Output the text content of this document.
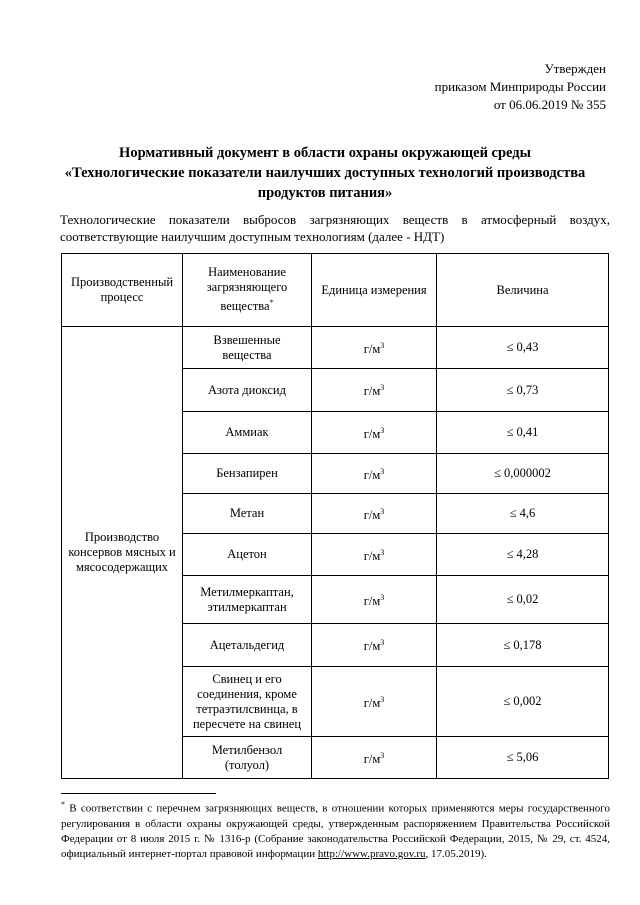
Утвержден
приказом Минприроды России
от 06.06.2019 № 355
Нормативный документ в области охраны окружающей среды
«Технологические показатели наилучших доступных технологий производства
продуктов питания»
Технологические показатели выбросов загрязняющих веществ в атмосферный воздух, соответствующие наилучшим доступным технологиям (далее - НДТ)
Производственный процесс	Наименование загрязняющего вещества*	Единица измерения	Величина
Производство консервов мясных и мясосодержащих	Взвешенные вещества	$г/м^3$	≤ 0,43
	Азота диоксид	$г/м^3$	≤ 0,73
	Аммиак	$г/м^3$	≤ 0,41
	Бензапирен	$г/м^3$	≤ 0,000002
	Метан	$г/м^3$	≤ 4,6
	Ацетон	$г/м^3$	≤ 4,28
	Метилмеркаптан, этилмеркаптан	$г/м^3$	≤ 0,02
	Ацетальдегид	$г/м^3$	≤ 0,178
	Свинец и его соединения, кроме тетраэтилсвинца, в пересчете на свинец	$г/м^3$	≤ 0,002
	Метилбензол (толуол)	$г/м^3$	≤ 5,06
* В соответствии с перечнем загрязняющих веществ, в отношении которых применяются меры государственного регулирования в области охраны окружающей среды, утвержденным распоряжением Правительства Российской Федерации от 8 июля 2015 г. № 1316-р (Собрание законодательства Российской Федерации, 2015, № 29, ст. 4524, официальный интернет-портал правовой информации http://www.pravo.gov.ru, 17.05.2019).
